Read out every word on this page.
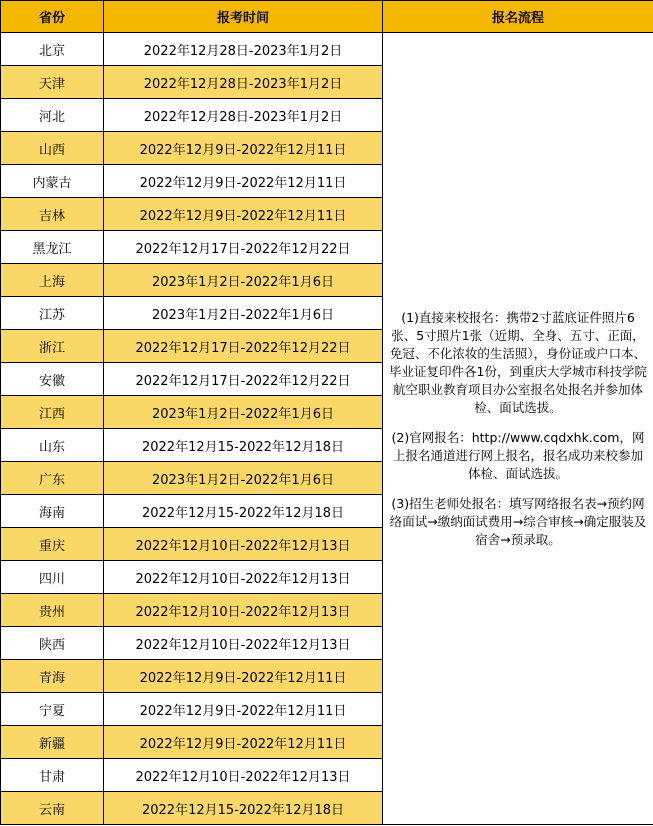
省份	报考时间	报名流程
北京	2022年12月28日-2023年1月2日	(1)直接来校报名：携带2寸蓝底证件照片6张、5寸照片1张（近期、全身、五寸、正面，免冠、不化浓妆的生活照），身份证或户口本、毕业证复印件各1份，到重庆大学城市科技学院航空职业教育项目办公室报名处报名并参加体检、面试选拔。

(2)官网报名：http://www.cqdxhk.com，网上报名通道进行网上报名，报名成功来校参加体检、面试选拔。

(3)招生老师处报名：填写网络报名表→预约网络面试→缴纳面试费用→综合审核→确定服装及宿舍→预录取。

天津	2022年12月28日-2023年1月2日	
河北	2022年12月28日-2023年1月2日	
山西	2022年12月9日-2022年12月11日	
内蒙古	2022年12月9日-2022年12月11日	
吉林	2022年12月9日-2022年12月11日	
黑龙江	2022年12月17日-2022年12月22日	
上海	2023年1月2日-2022年1月6日	
江苏	2023年1月2日-2022年1月6日	
浙江	2022年12月17日-2022年12月22日	
安徽	2022年12月17日-2022年12月22日	
江西	2023年1月2日-2022年1月6日	
山东	2022年12月15-2022年12月18日	
广东	2023年1月2日-2022年1月6日	
海南	2022年12月15-2022年12月18日	
重庆	2022年12月10日-2022年12月13日	
四川	2022年12月10日-2022年12月13日	
贵州	2022年12月10日-2022年12月13日	
陕西	2022年12月10日-2022年12月13日	
青海	2022年12月9日-2022年12月11日	
宁夏	2022年12月9日-2022年12月11日	
新疆	2022年12月9日-2022年12月11日	
甘肃	2022年12月10日-2022年12月13日	
云南	2022年12月15-2022年12月18日	
